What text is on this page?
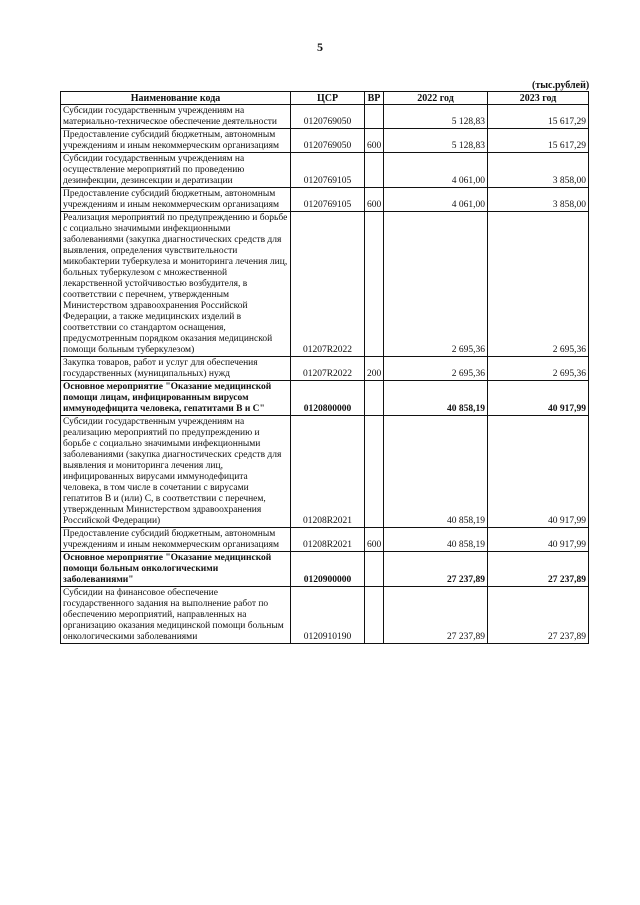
5
(тыс.рублей)
Наименование кода	ЦСР	ВР	2022 год	2023 год
Субсидии государственным учреждениям на материально-техническое обеспечение деятельности	0120769050		5 128,83	15 617,29
Предоставление субсидий бюджетным, автономным учреждениям и иным некоммерческим организациям	0120769050	600	5 128,83	15 617,29
Субсидии государственным учреждениям на осуществление мероприятий по проведению дезинфекции, дезинсекции и дератизации	0120769105		4 061,00	3 858,00
Предоставление субсидий бюджетным, автономным учреждениям и иным некоммерческим организациям	0120769105	600	4 061,00	3 858,00
Реализация мероприятий по предупреждению и борьбе с социально значимыми инфекционными заболеваниями (закупка диагностических средств для выявления, определения чувствительности микобактерии туберкулеза и мониторинга лечения лиц, больных туберкулезом с множественной лекарственной устойчивостью возбудителя, в соответствии с перечнем, утвержденным Министерством здравоохранения Российской Федерации, а также медицинских изделий в соответствии со стандартом оснащения, предусмотренным порядком оказания медицинской помощи больным туберкулезом)	01207R2022		2 695,36	2 695,36
Закупка товаров, работ и услуг для обеспечения государственных (муниципальных) нужд	01207R2022	200	2 695,36	2 695,36
Основное мероприятие "Оказание медицинской помощи лицам, инфицированным вирусом иммунодефицита человека, гепатитами В и С"	0120800000		40 858,19	40 917,99
Субсидии государственным учреждениям на реализацию мероприятий по предупреждению и борьбе с социально значимыми инфекционными заболеваниями (закупка диагностических средств для выявления и мониторинга лечения лиц, инфицированных вирусами иммунодефицита человека, в том числе в сочетании с вирусами гепатитов В и (или) С, в соответствии с перечнем, утвержденным Министерством здравоохранения Российской Федерации)	01208R2021		40 858,19	40 917,99
Предоставление субсидий бюджетным, автономным учреждениям и иным некоммерческим организациям	01208R2021	600	40 858,19	40 917,99
Основное мероприятие "Оказание медицинской помощи больным онкологическими заболеваниями"	0120900000		27 237,89	27 237,89
Субсидии на финансовое обеспечение государственного задания на выполнение работ по обеспечению мероприятий, направленных на организацию оказания медицинской помощи больным онкологическими заболеваниями	0120910190		27 237,89	27 237,89
